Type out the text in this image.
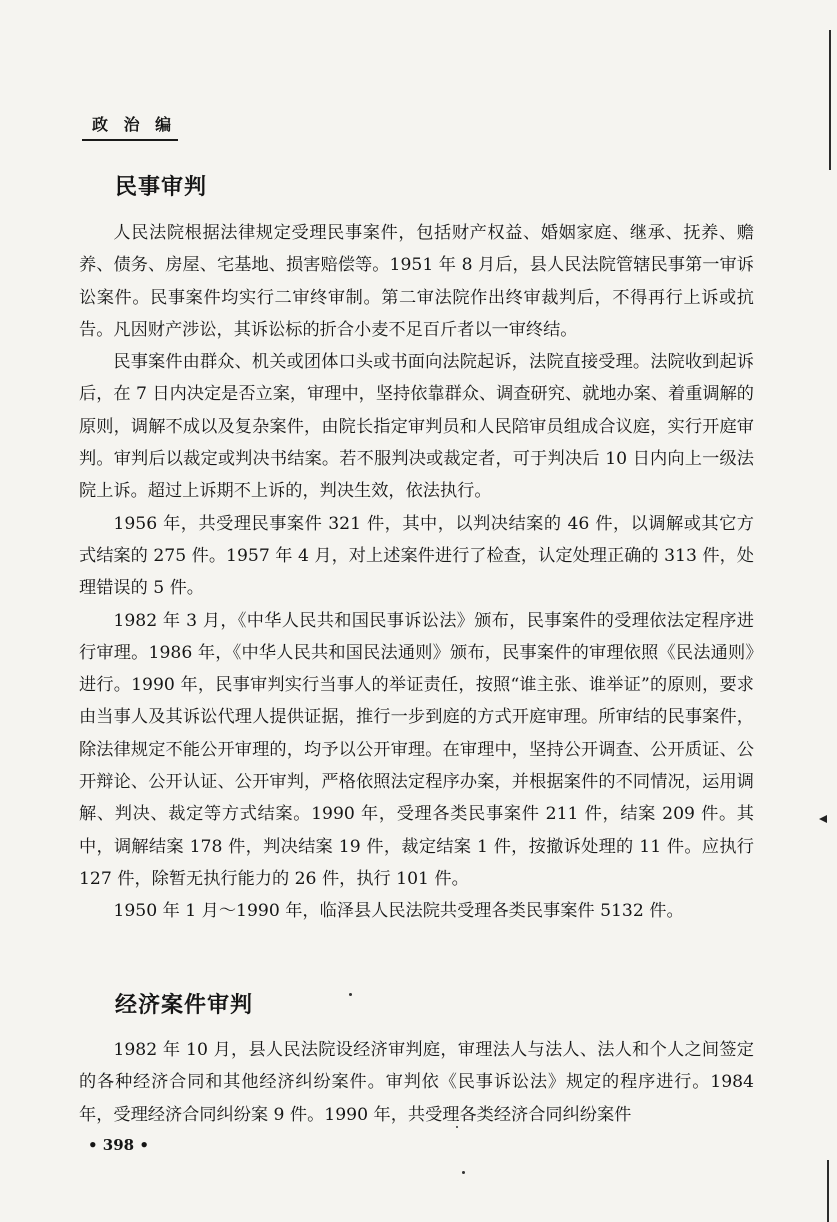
政 治 编
民事审判

人民法院根据法律规定受理民事案件，包括财产权益、婚姻家庭、继承、抚养、赡养、债务、房屋、宅基地、损害赔偿等。1951 年 8 月后，县人民法院管辖民事第一审诉讼案件。民事案件均实行二审终审制。第二审法院作出终审裁判后，不得再行上诉或抗告。凡因财产涉讼，其诉讼标的折合小麦不足百斤者以一审终结。

民事案件由群众、机关或团体口头或书面向法院起诉，法院直接受理。法院收到起诉后，在 7 日内决定是否立案，审理中，坚持依靠群众、调查研究、就地办案、着重调解的原则，调解不成以及复杂案件，由院长指定审判员和人民陪审员组成合议庭，实行开庭审判。审判后以裁定或判决书结案。若不服判决或裁定者，可于判决后 10 日内向上一级法院上诉。超过上诉期不上诉的，判决生效，依法执行。

1956 年，共受理民事案件 321 件，其中，以判决结案的 46 件，以调解或其它方式结案的 275 件。1957 年 4 月，对上述案件进行了检查，认定处理正确的 313 件，处理错误的 5 件。

1982 年 3 月，《中华人民共和国民事诉讼法》颁布，民事案件的受理依法定程序进行审理。1986 年，《中华人民共和国民法通则》颁布，民事案件的审理依照《民法通则》进行。1990 年，民事审判实行当事人的举证责任，按照“谁主张、谁举证”的原则，要求由当事人及其诉讼代理人提供证据，推行一步到庭的方式开庭审理。所审结的民事案件，除法律规定不能公开审理的，均予以公开审理。在审理中，坚持公开调查、公开质证、公开辩论、公开认证、公开审判，严格依照法定程序办案，并根据案件的不同情况，运用调解、判决、裁定等方式结案。1990 年，受理各类民事案件 211 件，结案 209 件。其中，调解结案 178 件，判决结案 19 件，裁定结案 1 件，按撤诉处理的 11 件。应执行 127 件，除暂无执行能力的 26 件，执行 101 件。

1950 年 1 月～1990 年，临泽县人民法院共受理各类民事案件 5132 件。

经济案件审判

1982 年 10 月，县人民法院设经济审判庭，审理法人与法人、法人和个人之间签定的各种经济合同和其他经济纠纷案件。审判依《民事诉讼法》规定的程序进行。1984 年，受理经济合同纠纷案 9 件。1990 年，共受理各类经济合同纠纷案件

• 398 •
